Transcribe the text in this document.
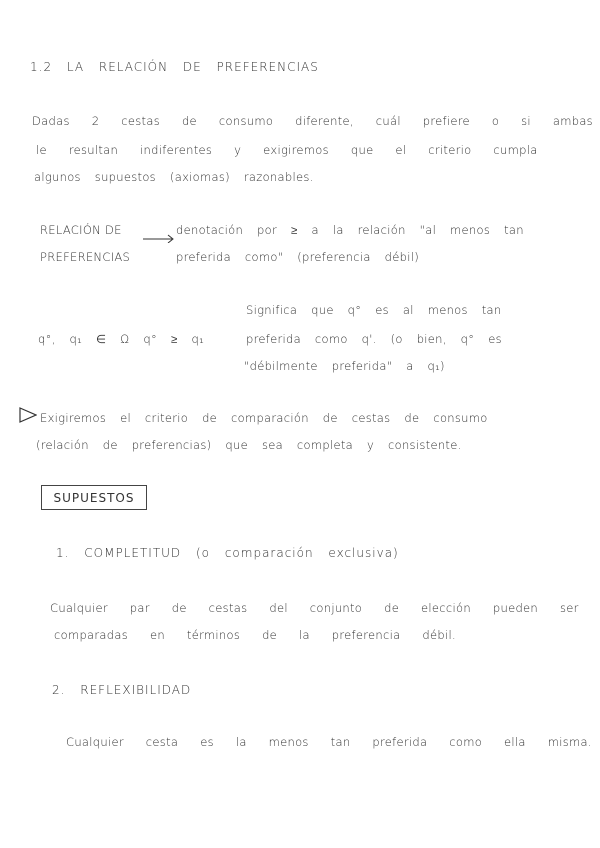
1.2 LA RELACIÓN DE PREFERENCIAS
Dadas 2 cestas de consumo diferente, cuál prefiere o si ambas
le resultan indiferentes y exigiremos que el criterio cumpla
algunos supuestos (axiomas) razonables.
RELACIÓN DE	denotación por ≥ a la relación "al menos tan
PREFERENCIAS	preferida como" (preferencia débil)
Significa que q° es al menos tan
q°, q₁ ∈ Ω q° ≥ q₁	preferida como q'. (o bien, q° es
"débilmente preferida" a q₁)
Exigiremos el criterio de comparación de cestas de consumo
(relación de preferencias) que sea completa y consistente.
SUPUESTOS
1. COMPLETITUD (o comparación exclusiva)
Cualquier par de cestas del conjunto de elección pueden ser
comparadas en términos de la preferencia débil.
2. REFLEXIBILIDAD
Cualquier cesta es la menos tan preferida como ella misma.
